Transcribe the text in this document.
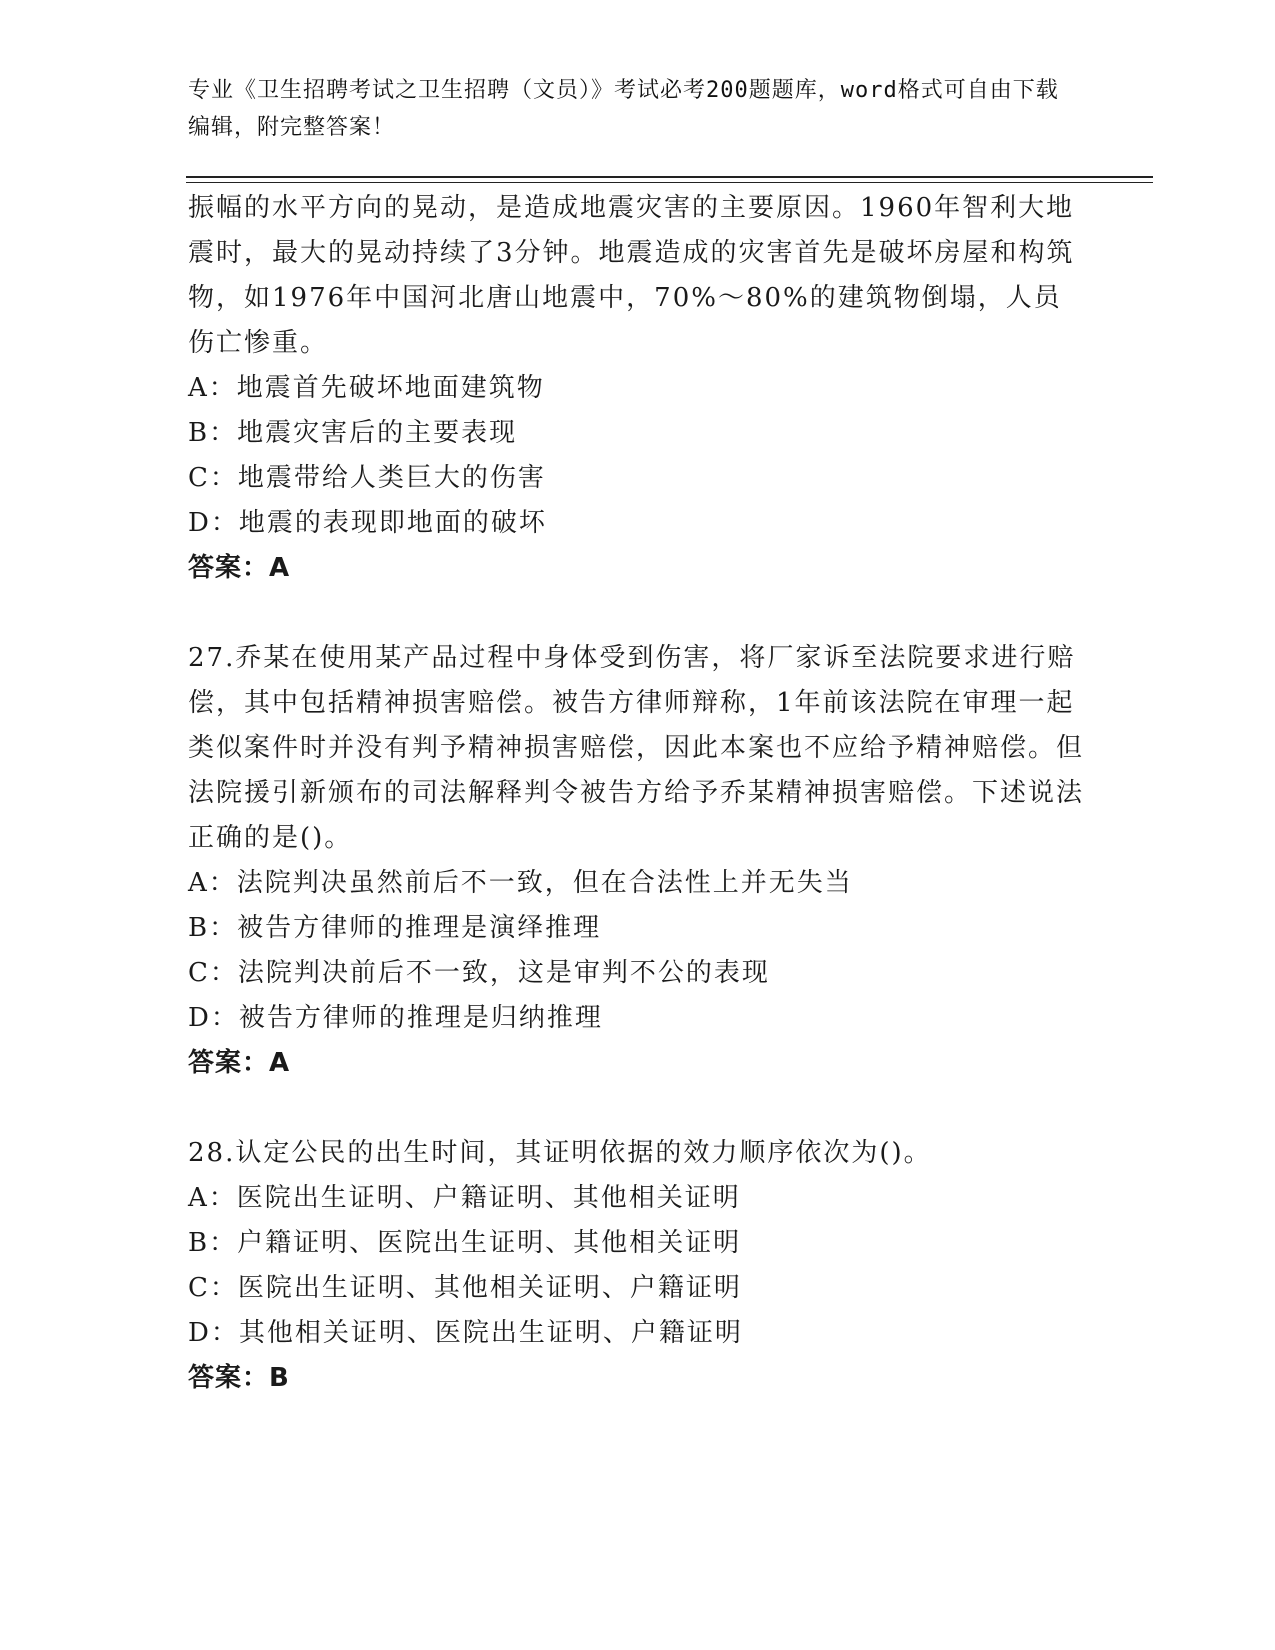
专业《卫生招聘考试之卫生招聘（文员）》考试必考200题题库，word格式可自由下载编辑，附完整答案！

振幅的水平方向的晃动，是造成地震灾害的主要原因。1960年智利大地震时，最大的晃动持续了3分钟。地震造成的灾害首先是破坏房屋和构筑物，如1976年中国河北唐山地震中，70%～80%的建筑物倒塌，人员伤亡惨重。

A：地震首先破坏地面建筑物

B：地震灾害后的主要表现

C：地震带给人类巨大的伤害

D：地震的表现即地面的破坏

答案：A

27.乔某在使用某产品过程中身体受到伤害，将厂家诉至法院要求进行赔偿，其中包括精神损害赔偿。被告方律师辩称，1年前该法院在审理一起类似案件时并没有判予精神损害赔偿，因此本案也不应给予精神赔偿。但法院援引新颁布的司法解释判令被告方给予乔某精神损害赔偿。下述说法正确的是()。

A：法院判决虽然前后不一致，但在合法性上并无失当

B：被告方律师的推理是演绎推理

C：法院判决前后不一致，这是审判不公的表现

D：被告方律师的推理是归纳推理

答案：A

28.认定公民的出生时间，其证明依据的效力顺序依次为()。

A：医院出生证明、户籍证明、其他相关证明

B：户籍证明、医院出生证明、其他相关证明

C：医院出生证明、其他相关证明、户籍证明

D：其他相关证明、医院出生证明、户籍证明

答案：B
